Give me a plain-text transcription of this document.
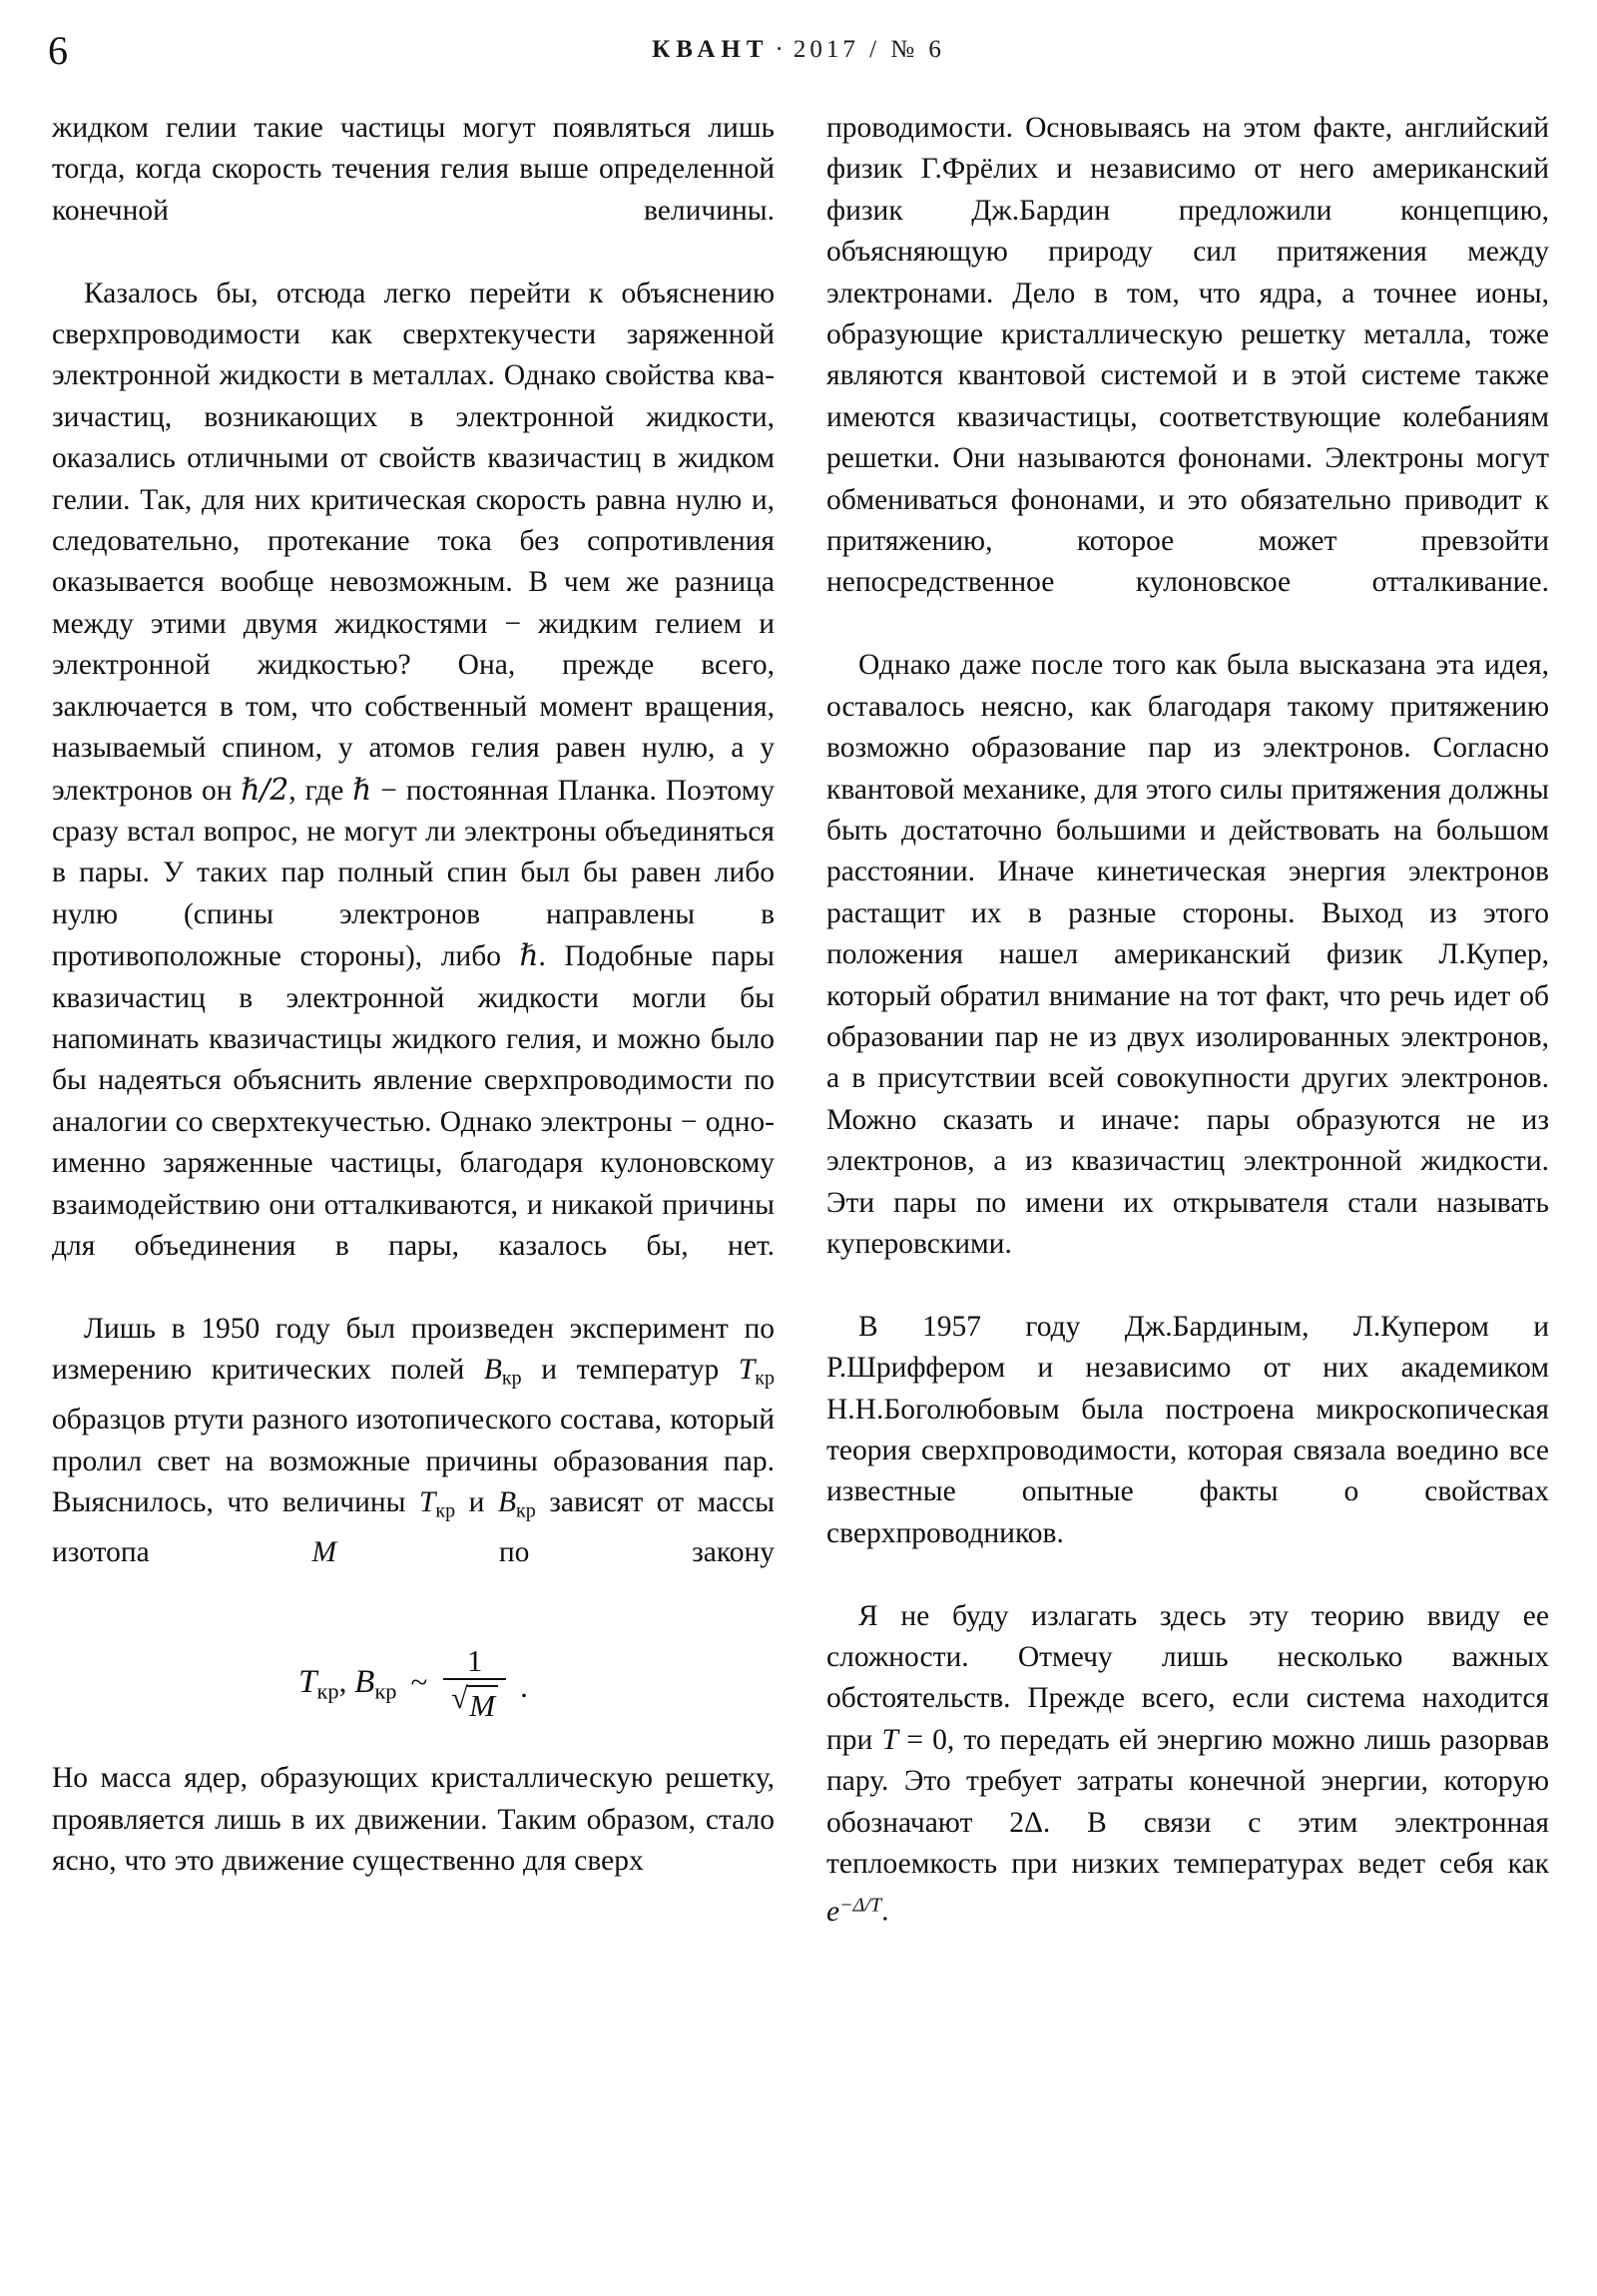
6	КВАНТ · 2017 / № 6

жидком гелии такие частицы могут появляться лишь тогда, когда скорость течения гелия выше определенной конечной величины.

Казалось бы, отсюда легко перейти к объяснению сверхпроводимости как сверхтекучести заряженной электронной жидкости в металлах. Однако свойства квазичастиц, возникающих в электронной жидкости, оказались отличными от свойств квазичастиц в жидком гелии. Так, для них критическая скорость равна нулю и, следовательно, протекание тока без сопротивления оказывается вообще невозможным. В чем же разница между этими двумя жидкостями − жидким гелием и электронной жидкостью? Она, прежде всего, заключается в том, что собственный момент вращения, называемый спином, у атомов гелия равен нулю, а у электронов он ℏ/2, где ℏ − постоянная Планка. Поэтому сразу встал вопрос, не могут ли электроны объединяться в пары. У таких пар полный спин был бы равен либо нулю (спины электронов направлены в противоположные стороны), либо ℏ. Подобные пары квазичастиц в электронной жидкости могли бы напоминать квазичастицы жидкого гелия, и можно было бы надеяться объяснить явление сверхпроводимости по аналогии со сверхтекучестью. Однако электроны − одноименно заряженные частицы, благодаря кулоновскому взаимодействию они отталкиваются, и никакой причины для объединения в пары, казалось бы, нет.

Лишь в 1950 году был произведен эксперимент по измерению критических полей Bкр и температур Tкр образцов ртути разного изотопического состава, который пролил свет на возможные причины образования пар. Выяснилось, что величины Tкр и Bкр зависят от массы изотопа	M	по закону

Tкр, Bкр ~ $\frac{1}{√ M}$ .

Но масса ядер, образующих кристаллическую решетку, проявляется лишь в их движении. Таким образом, стало ясно, что это движение существенно для сверх

проводимости. Основываясь на этом факте, английский физик Г.Фрёлих и независимо от него американский физик Дж.Бардин предложили концепцию, объясняющую природу сил притяжения между электронами. Дело в том, что ядра, а точнее ионы, образующие кристаллическую решетку металла, тоже являются квантовой системой и в этой системе также имеются квазичастицы, соответствующие колебаниям решетки. Они называются фононами. Электроны могут обмениваться фононами, и это обязательно приводит к притяжению, которое может превзойти непосредственное кулоновское отталкивание.

Однако даже после того как была высказана эта идея, оставалось неясно, как благодаря такому притяжению возможно образование пар из электронов. Согласно квантовой механике, для этого силы притяжения должны быть достаточно большими и действовать на большом расстоянии. Иначе кинетическая энергия электронов растащит их в разные стороны. Выход из этого положения нашел американский физик Л.Купер, который обратил внимание на тот факт, что речь идет об образовании пар не из двух изолированных электронов, а в присутствии всей совокупности других электронов. Можно сказать и иначе: пары образуются не из электронов, а из квазичастиц электронной жидкости. Эти пары по имени их открывателя стали называть куперовскими.

В 1957 году Дж.Бардиным, Л.Купером и Р.Шриффером и независимо от них академиком Н.Н.Боголюбовым была построена микроскопическая теория сверхпроводимости, которая связала воедино все известные опытные факты о свойствах сверхпроводников.

Я не буду излагать здесь эту теорию ввиду ее сложности. Отмечу лишь несколько важных обстоятельств. Прежде всего, если система находится при T = 0, то передать ей энергию можно лишь разорвав пару. Это требует затраты конечной энергии, которую обозначают 2Δ. В связи с этим электронная теплоемкость при низких температурах ведет себя как $e^{-\Delta/T}$.
